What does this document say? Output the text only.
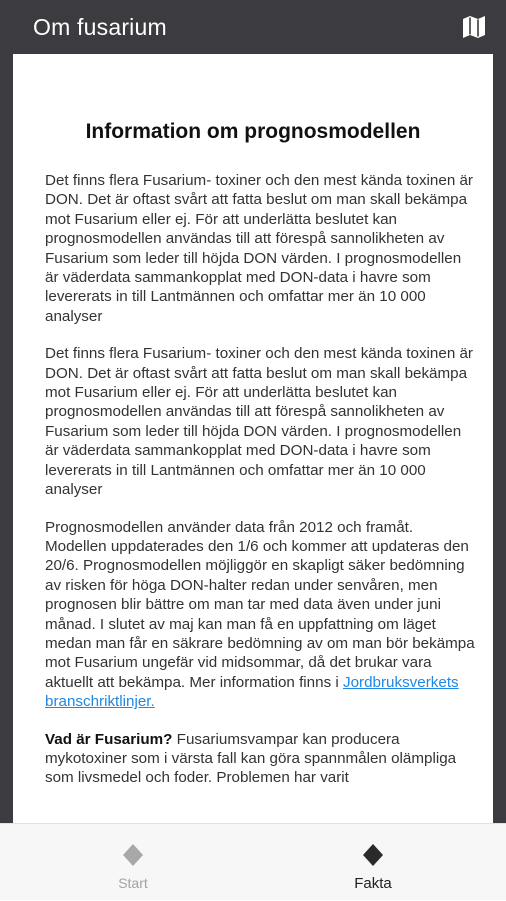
Om fusarium
Information om prognosmodellen

Det finns flera Fusarium- toxiner och den mest kända toxinen är DON. Det är oftast svårt att fatta beslut om man skall bekämpa mot Fusarium eller ej. För att underlätta beslutet kan prognosmodellen användas till att förespå sannolikheten av Fusarium som leder till höjda DON värden. I prognosmodellen är väderdata sammankopplat med DON-data i havre som levererats in till Lantmännen och omfattar mer än 10 000 analyser

Det finns flera Fusarium- toxiner och den mest kända toxinen är DON. Det är oftast svårt att fatta beslut om man skall bekämpa mot Fusarium eller ej. För att underlätta beslutet kan prognosmodellen användas till att förespå sannolikheten av Fusarium som leder till höjda DON värden. I prognosmodellen är väderdata sammankopplat med DON-data i havre som levererats in till Lantmännen och omfattar mer än 10 000 analyser

Prognosmodellen använder data från 2012 och framåt. Modellen uppdaterades den 1/6 och kommer att updateras den 20/6. Prognosmodellen möjliggör en skapligt säker bedömning av risken för höga DON-halter redan under senvåren, men prognosen blir bättre om man tar med data även under juni månad. I slutet av maj kan man få en uppfattning om läget medan man får en säkrare bedömning av om man bör bekämpa mot Fusarium ungefär vid midsommar, då det brukar vara aktuellt att bekämpa. Mer information finns i Jordbruksverkets branschriktlinjer.

Vad är Fusarium? Fusariumsvampar kan producera mykotoxiner som i värsta fall kan göra spannmålen olämpliga som livsmedel och foder. Problemen har varit

Start	Fakta
